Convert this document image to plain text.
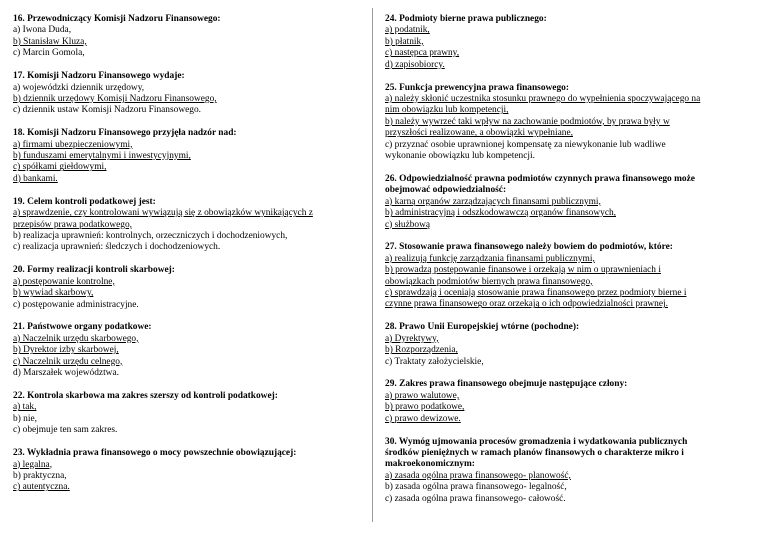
16. Przewodniczący Komisji Nadzoru Finansowego:
a) Iwona Duda,
b) Stanisław Kluza,
c) Marcin Gomola,
17. Komisji Nadzoru Finansowego wydaje:
a) wojewódzki dziennik urzędowy,
b) dziennik urzędowy Komisji Nadzoru Finansowego,
c) dziennik ustaw Komisji Nadzoru Finansowego.
18. Komisji Nadzoru Finansowego przyjęła nadzór nad:
a) firmami ubezpieczeniowymi,
b) funduszami emerytalnymi i inwestycyjnymi,
c) spółkami giełdowymi,
d) bankami.
19. Celem kontroli podatkowej jest:
a) sprawdzenie, czy kontrolowani wywiązują się z obowiązków wynikających z
przepisów prawa podatkowego,
b) realizacja uprawnień: kontrolnych, orzeczniczych i dochodzeniowych,
c) realizacja uprawnień: śledczych i dochodzeniowych.
20. Formy realizacji kontroli skarbowej:
a) postępowanie kontrolne,
b) wywiad skarbowy,
c) postępowanie administracyjne.
21. Państwowe organy podatkowe:
a) Naczelnik urzędu skarbowego,
b) Dyrektor izby skarbowej,
c) Naczelnik urzędu celnego,
d) Marszałek województwa.
22. Kontrola skarbowa ma zakres szerszy od kontroli podatkowej:
a) tak,
b) nie,
c) obejmuje ten sam zakres.
23. Wykładnia prawa finansowego o mocy powszechnie obowiązującej:
a) legalna,
b) praktyczna,
c) autentyczna.
24. Podmioty bierne prawa publicznego:
a) podatnik,
b) płatnik,
c) następca prawny,
d) zapisobiorcy.
25. Funkcja prewencyjna prawa finansowego:
a) należy skłonić uczestnika stosunku prawnego do wypełnienia spoczywającego na
nim obowiązku lub kompetencji,
b) należy wywrzeć taki wpływ na zachowanie podmiotów, by prawa były w
przyszłości realizowane, a obowiązki wypełniane,
c) przyznać osobie uprawnionej kompensatę za niewykonanie lub wadliwe
wykonanie obowiązku lub kompetencji.
26. Odpowiedzialność prawna podmiotów czynnych prawa finansowego może
obejmować odpowiedzialność:
a) karną organów zarządzających finansami publicznymi,
b) administracyjną i odszkodowawczą organów finansowych,
c) służbową
27. Stosowanie prawa finansowego należy bowiem do podmiotów, które:
a) realizują funkcję zarządzania finansami publicznymi,
b) prowadzą postępowanie finansowe i orzekają w nim o uprawnieniach i
obowiązkach podmiotów biernych prawa finansowego,
c) sprawdzają i oceniają stosowanie prawa finansowego przez podmioty bierne i
czynne prawa finansowego oraz orzekają o ich odpowiedzialności prawnej.
28. Prawo Unii Europejskiej wtórne (pochodne):
a) Dyrektywy,
b) Rozporządzenia,
c) Traktaty założycielskie,
29. Zakres prawa finansowego obejmuje następujące człony:
a) prawo walutowe,
b) prawo podatkowe,
c) prawo dewizowe.
30. Wymóg ujmowania procesów gromadzenia i wydatkowania publicznych
środków pieniężnych w ramach planów finansowych o charakterze mikro i
makroekonomicznym:
a) zasada ogólna prawa finansowego- planowość,
b) zasada ogólna prawa finansowego- legalność,
c) zasada ogólna prawa finansowego- całowość.
